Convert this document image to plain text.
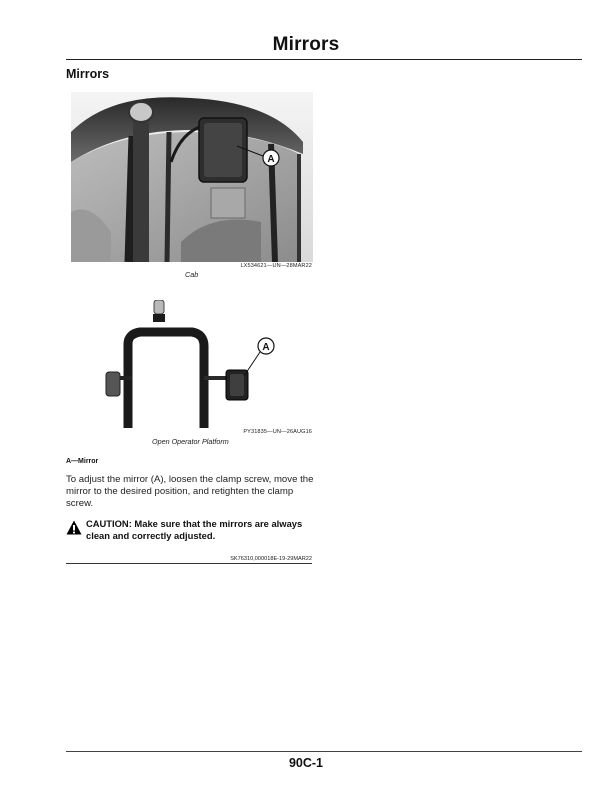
Mirrors
Mirrors
A
LX534621—UN—28MAR22
Cab
A
PY31835—UN—26AUG16
Open Operator Platform
A—Mirror
To adjust the mirror (A), loosen the clamp screw, move the mirror to the desired position, and retighten the clamp screw.
CAUTION: Make sure that the mirrors are always clean and correctly adjusted.
SK76310,000018E-19-29MAR22
90C-1
